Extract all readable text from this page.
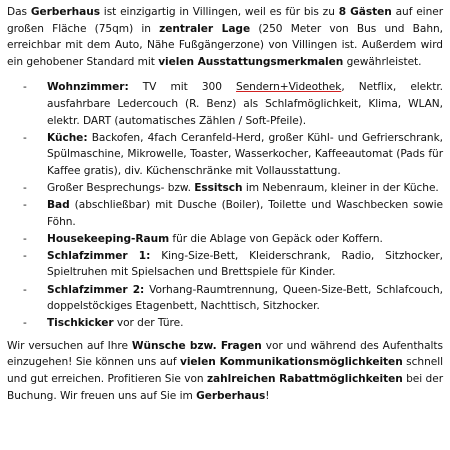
Das Gerberhaus ist einzigartig in Villingen, weil es für bis zu 8 Gästen auf einer großen Fläche (75qm) in zentraler Lage (250 Meter von Bus und Bahn, erreichbar mit dem Auto, Nähe Fußgängerzone) von Villingen ist. Außerdem wird ein gehobener Standard mit vielen Ausstattungsmerkmalen gewährleistet.

- Wohnzimmer: TV mit 300 Sendern+Videothek, Netflix, elektr. ausfahrbare Ledercouch (R. Benz) als Schlafmöglichkeit, Klima, WLAN, elektr. DART (automatisches Zählen / Soft-Pfeile).
- Küche: Backofen, 4fach Ceranfeld-Herd, großer Kühl- und Gefrierschrank, Spülmaschine, Mikrowelle, Toaster, Wasserkocher, Kaffeeautomat (Pads für Kaffee gratis), div. Küchenschränke mit Vollausstattung.
- Großer Besprechungs- bzw. Essitsch im Nebenraum, kleiner in der Küche.
- Bad (abschließbar) mit Dusche (Boiler), Toilette und Waschbecken sowie Föhn.
- Housekeeping-Raum für die Ablage von Gepäck oder Koffern.
- Schlafzimmer 1: King-Size-Bett, Kleiderschrank, Radio, Sitzhocker, Spieltruhen mit Spielsachen und Brettspiele für Kinder.
- Schlafzimmer 2: Vorhang-Raumtrennung, Queen-Size-Bett, Schlafcouch, doppelstöckiges Etagenbett, Nachttisch, Sitzhocker.
- Tischkicker vor der Türe.

Wir versuchen auf Ihre Wünsche bzw. Fragen vor und während des Aufenthalts einzugehen! Sie können uns auf vielen Kommunikationsmöglichkeiten schnell und gut erreichen. Profitieren Sie von zahlreichen Rabattmöglichkeiten bei der Buchung. Wir freuen uns auf Sie im Gerberhaus!
